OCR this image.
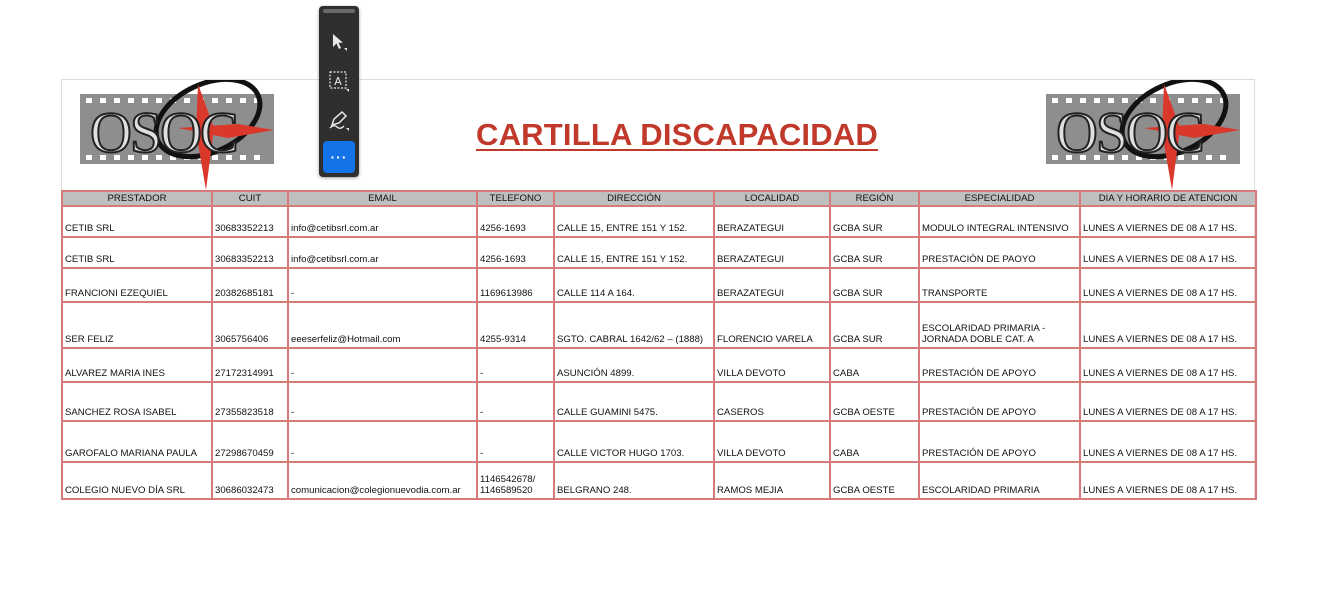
OSOC	CARTILLA DISCAPACIDAD	OSOC
PRESTADOR	CUIT	EMAIL	TELEFONO	DIRECCIÓN	LOCALIDAD	REGIÓN	ESPECIALIDAD	DIA Y HORARIO DE ATENCION
CETIB SRL	30683352213	info@cetibsrl.com.ar	4256-1693	CALLE 15, ENTRE 151 Y 152.	BERAZATEGUI	GCBA SUR	MODULO INTEGRAL INTENSIVO	LUNES A VIERNES DE 08 A 17 HS.
CETIB SRL	30683352213	info@cetibsrl.com.ar	4256-1693	CALLE 15, ENTRE 151 Y 152.	BERAZATEGUI	GCBA SUR	PRESTACIÓN DE PAOYO	LUNES A VIERNES DE 08 A 17 HS.
FRANCIONI EZEQUIEL	20382685181	-	1169613986	CALLE 114 A 164.	BERAZATEGUI	GCBA SUR	TRANSPORTE	LUNES A VIERNES DE 08 A 17 HS.
SER FELIZ	3065756406	eeeserfeliz@Hotmail.com	4255-9314	SGTO. CABRAL 1642/62 – (1888)	FLORENCIO VARELA	GCBA SUR	ESCOLARIDAD PRIMARIA - JORNADA DOBLE CAT. A	LUNES A VIERNES DE 08 A 17 HS.
ALVAREZ MARIA INES	27172314991	-	-	ASUNCIÓN 4899.	VILLA DEVOTO	CABA	PRESTACIÓN DE APOYO	LUNES A VIERNES DE 08 A 17 HS.
SANCHEZ ROSA ISABEL	27355823518	-	-	CALLE GUAMINI 5475.	CASEROS	GCBA OESTE	PRESTACIÓN DE APOYO	LUNES A VIERNES DE 08 A 17 HS.
GAROFALO MARIANA PAULA	27298670459	-	-	CALLE VICTOR HUGO 1703.	VILLA DEVOTO	CABA	PRESTACIÓN DE APOYO	LUNES A VIERNES DE 08 A 17 HS.
COLEGIO NUEVO DÍA SRL	30686032473	comunicacion@colegionuevodia.com.ar	1146542678/ 1146589520	BELGRANO 248.	RAMOS MEJIA	GCBA OESTE	ESCOLARIDAD PRIMARIA	LUNES A VIERNES DE 08 A 17 HS.
A
···
